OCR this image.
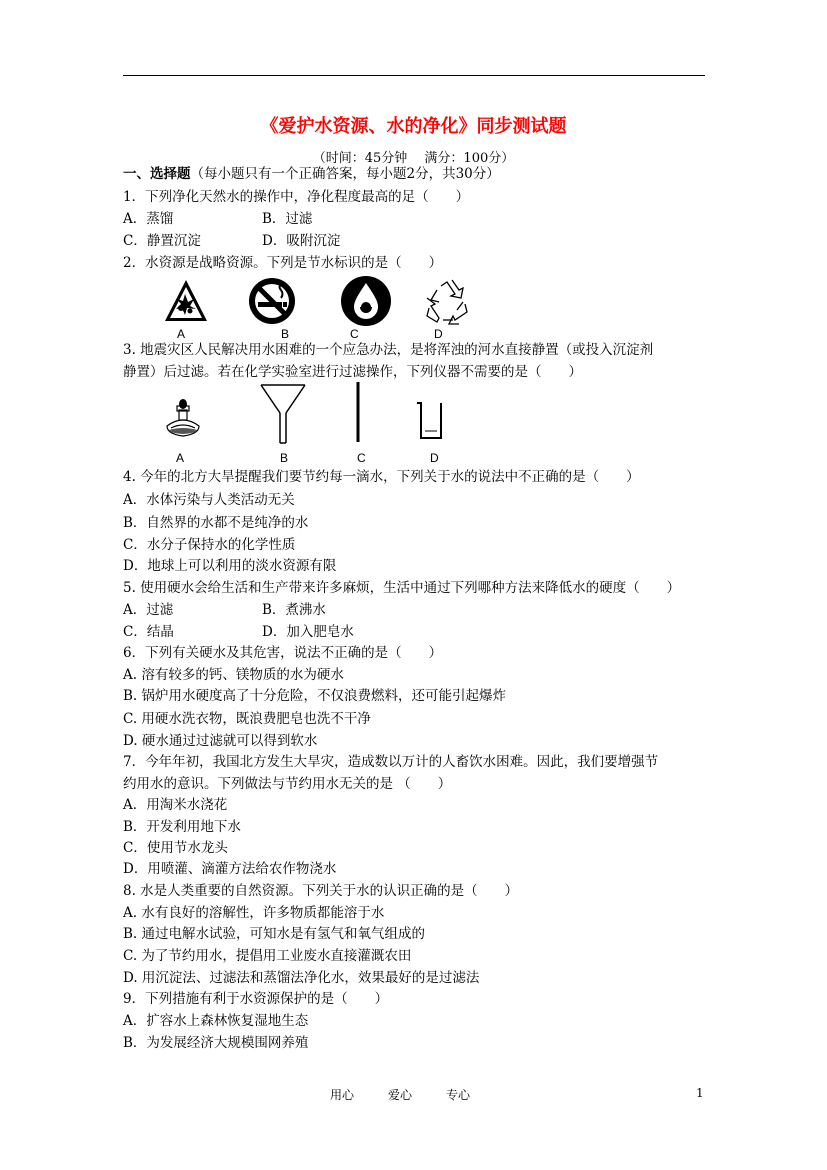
《爱护水资源、水的净化》同步测试题
（时间：45分钟　 满分：100分）
一、选择题（每小题只有一个正确答案，每小题2分，共30分）
1．下列净化天然水的操作中，净化程度最高的足（　　）
A．蒸馏	B．过滤
C．静置沉淀	D．吸附沉淀
2．水资源是战略资源。下列是节水标识的是（　　）
A	B	C	D
3. 地震灾区人民解决用水困难的一个应急办法，是将浑浊的河水直接静置（或投入沉淀剂
静置）后过滤。若在化学实验室进行过滤操作，下列仪器不需要的是（　　）
A	B	C	D
4. 今年的北方大旱提醒我们要节约每一滴水，下列关于水的说法中不正确的是（　　）
A．水体污染与人类活动无关
B．自然界的水都不是纯净的水
C．水分子保持水的化学性质
D．地球上可以利用的淡水资源有限
5. 使用硬水会给生活和生产带来许多麻烦，生活中通过下列哪种方法来降低水的硬度（　　）
A．过滤	B．煮沸水
C．结晶	D．加入肥皂水
6．下列有关硬水及其危害，说法不正确的是（　　）
A. 溶有较多的钙、镁物质的水为硬水
B. 锅炉用水硬度高了十分危险，不仅浪费燃料，还可能引起爆炸
C. 用硬水洗衣物，既浪费肥皂也洗不干净
D. 硬水通过过滤就可以得到软水
7．今年年初，我国北方发生大旱灾，造成数以万计的人畜饮水困难。因此，我们要增强节
约用水的意识。下列做法与节约用水无关的是 （　　）
A．用淘米水浇花
B．开发利用地下水
C．使用节水龙头
D．用喷灌、滴灌方法给农作物浇水
8. 水是人类重要的自然资源。下列关于水的认识正确的是（　　）
A. 水有良好的溶解性，许多物质都能溶于水
B. 通过电解水试验，可知水是有氢气和氧气组成的
C. 为了节约用水，提倡用工业废水直接灌溉农田
D. 用沉淀法、过滤法和蒸馏法净化水，效果最好的是过滤法
9．下列措施有利于水资源保护的是（　　）
A．扩容水上森林恢复湿地生态
B．为发展经济大规模围网养殖
用心	爱心	专心	1
